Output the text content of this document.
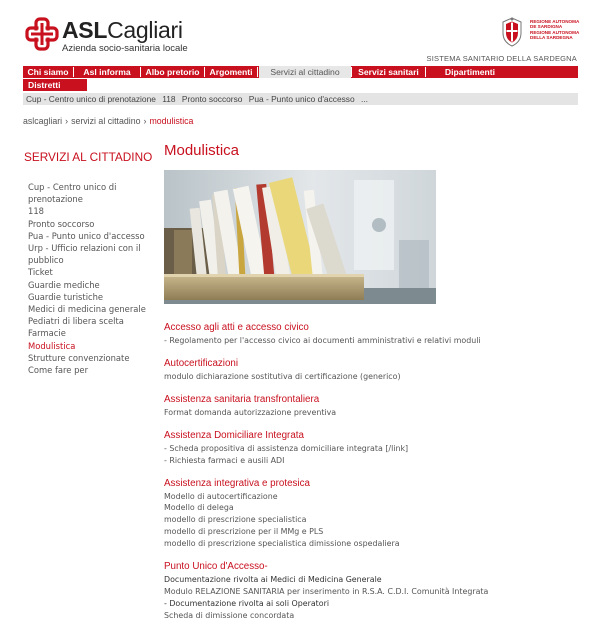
ASLCagliari
Azienda socio-sanitaria locale
REGIONE AUTONOMA
DE SARDIGNA
REGIONE AUTONOMA
DELLA SARDEGNA
SISTEMA SANITARIO DELLA SARDEGNA
Chi siamo	Asl informa	Albo pretorio	Argomenti	Servizi al cittadino	Servizi sanitari	Dipartimenti
Distretti
Cup - Centro unico di prenotazione 118 Pronto soccorso Pua - Punto unico d'accesso ...
aslcagliari › servizi al cittadino › modulistica
SERVIZI AL CITTADINO
Cup - Centro unico di
prenotazione
118
Pronto soccorso
Pua - Punto unico d'accesso
Urp - Ufficio relazioni con il
pubblico
Ticket
Guardie mediche
Guardie turistiche
Medici di medicina generale
Pediatri di libera scelta
Farmacie
Modulistica
Strutture convenzionate
Come fare per
Modulistica
Accesso agli atti e accesso civico

- Regolamento per l'accesso civico ai documenti amministrativi e relativi moduli

Autocertificazioni

modulo dichiarazione sostitutiva di certificazione (generico)

Assistenza sanitaria transfrontaliera

Format domanda autorizzazione preventiva

Assistenza Domiciliare Integrata

- Scheda propositiva di assistenza domiciliare integrata [/link]

- Richiesta farmaci e ausili ADI

Assistenza integrativa e protesica

Modello di autocertificazione

Modello di delega

modello di prescrizione specialistica

modello di prescrizione per il MMg e PLS

modello di prescrizione specialistica dimissione ospedaliera

Punto Unico d'Accesso-

Documentazione rivolta ai Medici di Medicina Generale

Modulo RELAZIONE SANITARIA per inserimento in R.S.A. C.D.I. Comunità Integrata

- Documentazione rivolta ai soli Operatori

Scheda di dimissione concordata
